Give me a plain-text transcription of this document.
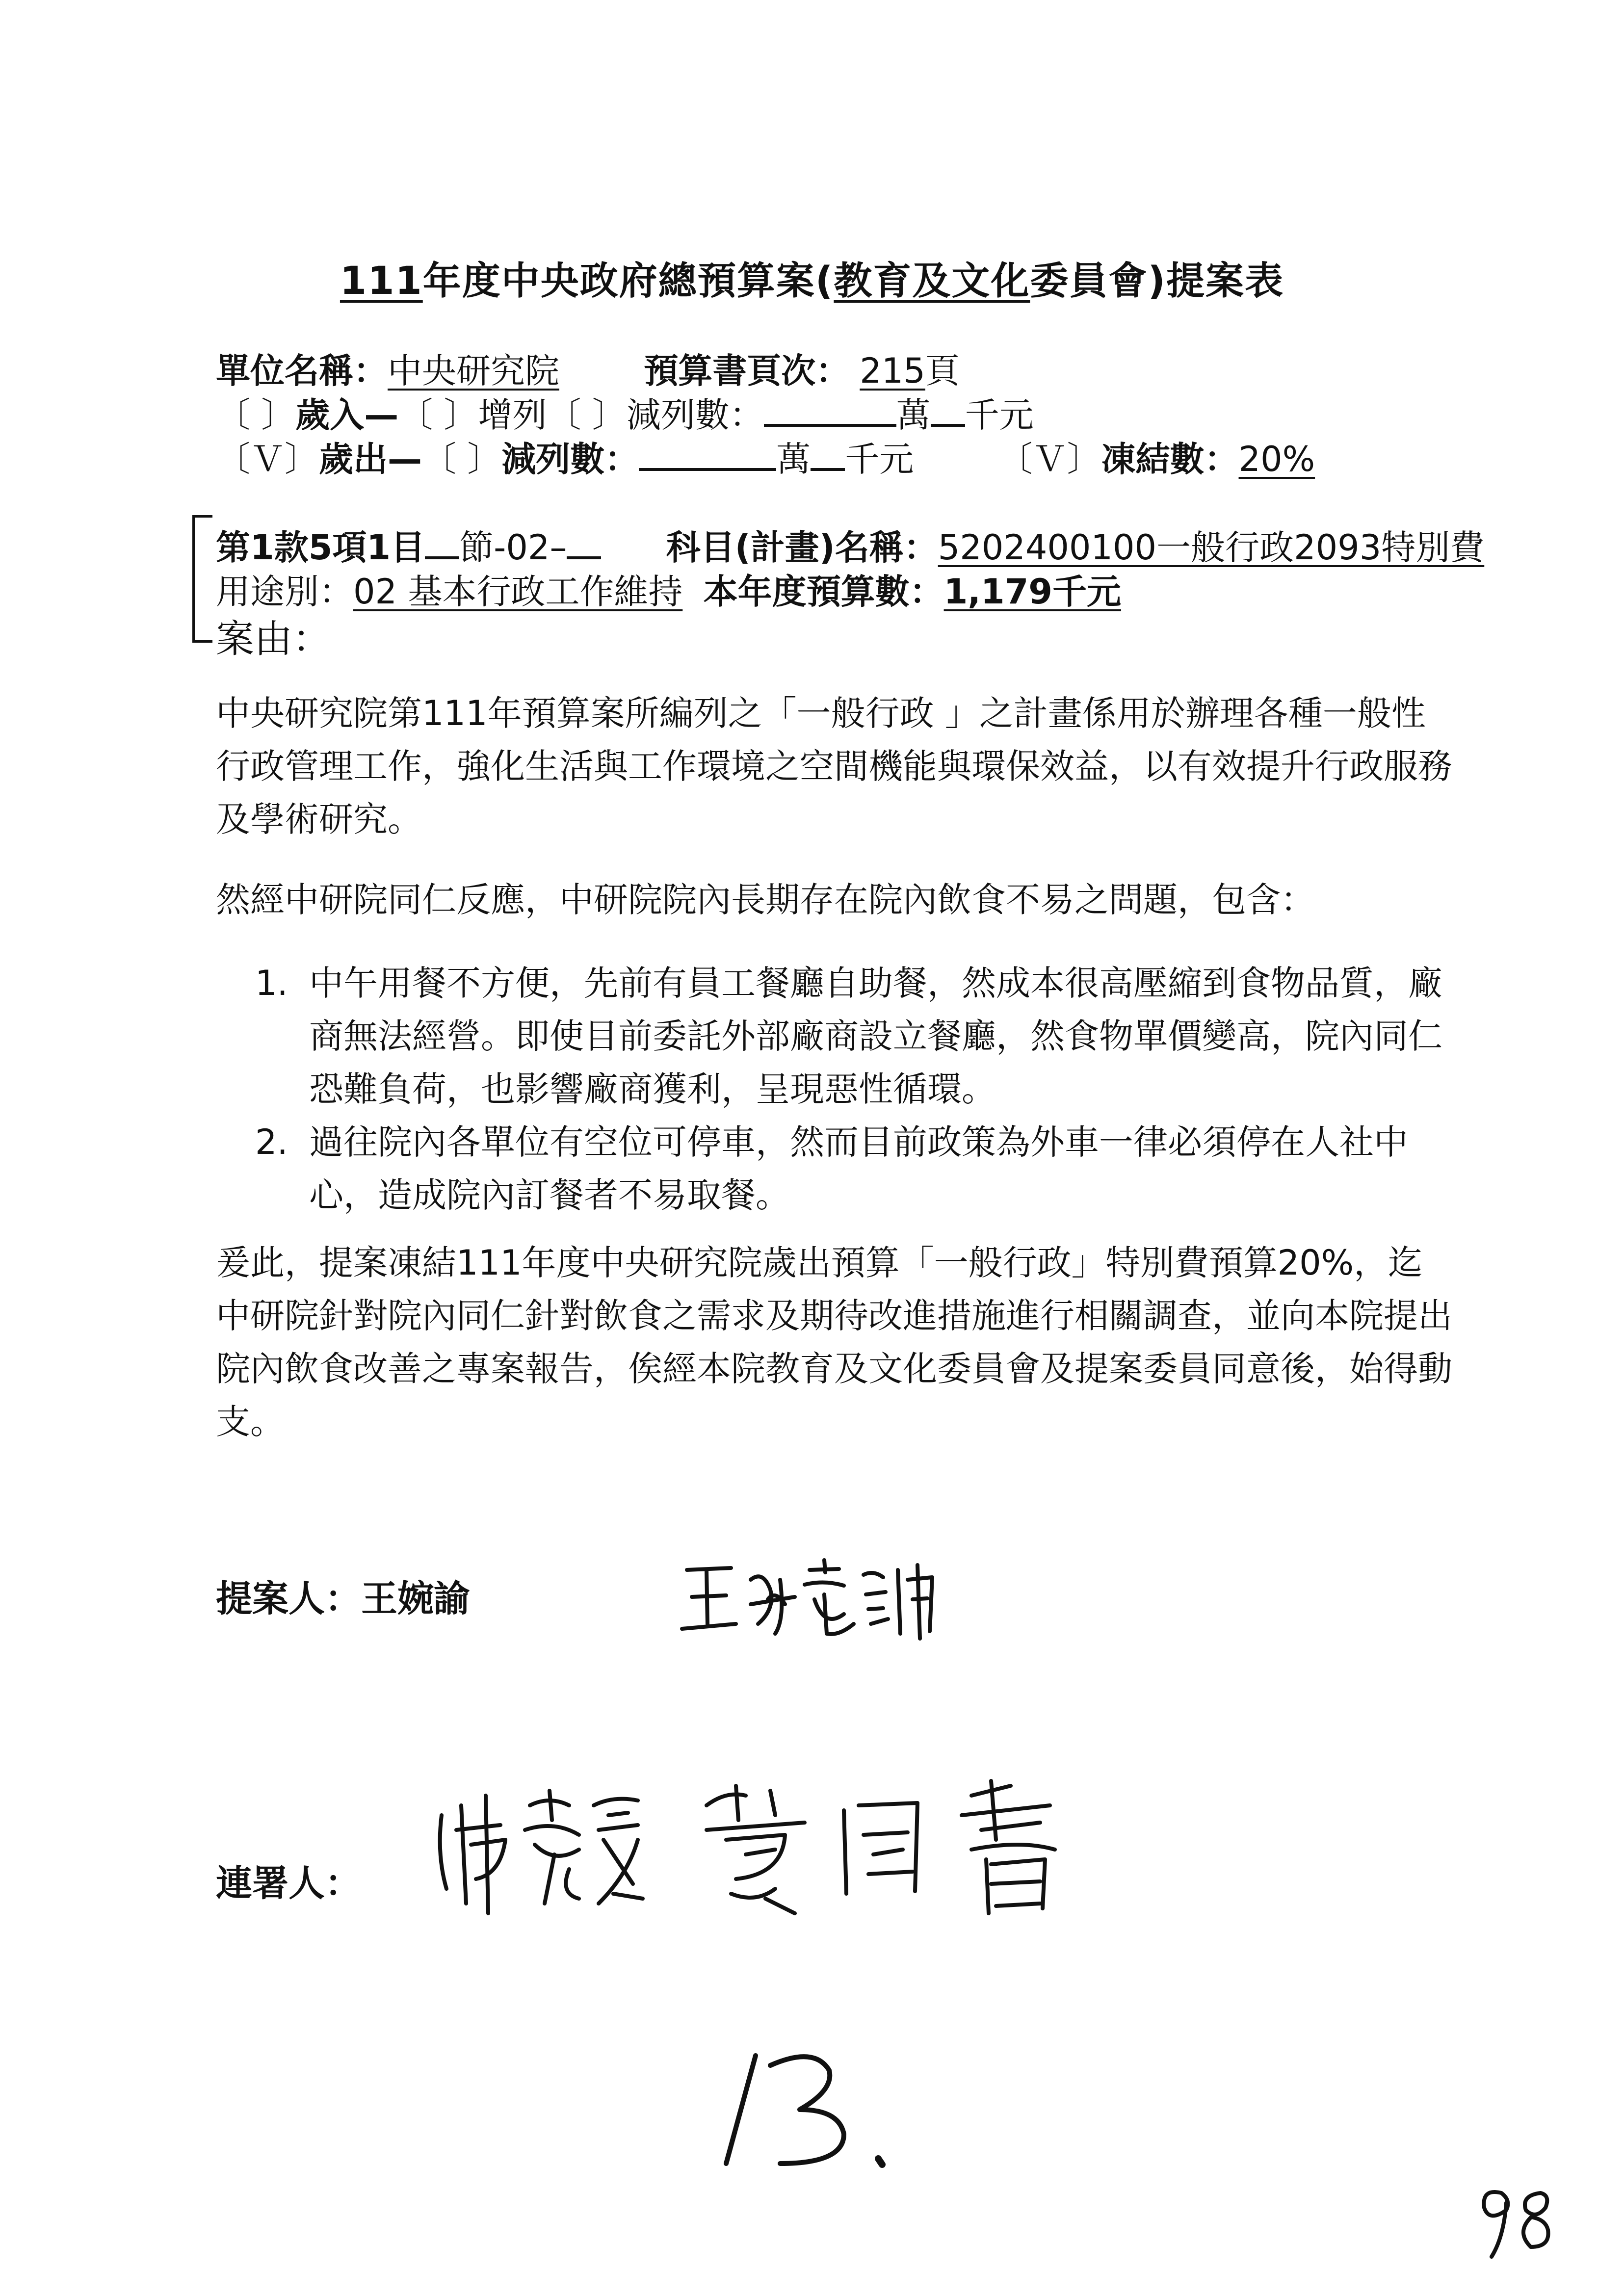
111年度中央政府總預算案(教育及文化委員會)提案表
單位名稱：中央研究院 預算書頁次： 215頁
〔 〕歲入—〔 〕增列〔 〕減列數：	萬 千元
〔Ｖ〕歲出—〔 〕減列數：	萬 千元 〔Ｖ〕凍結數：20%
第1款5項1目 節-02–	科目(計畫)名稱：5202400100一般行政2093特別費
用途別：02 基本行政工作維持 本年度預算數：1,179千元
案由：
中央研究院第111年預算案所編列之「一般行政 」之計畫係用於辦理各種一般性行政管理工作，強化生活與工作環境之空間機能與環保效益，以有效提升行政服務及學術研究。
然經中研院同仁反應，中研院院內長期存在院內飲食不易之問題，包含：
1. 中午用餐不方便，先前有員工餐廳自助餐，然成本很高壓縮到食物品質，廠商無法經營。即使目前委託外部廠商設立餐廳，然食物單價變高，院內同仁恐難負荷，也影響廠商獲利，呈現惡性循環。
2. 過往院內各單位有空位可停車，然而目前政策為外車一律必須停在人社中心，造成院內訂餐者不易取餐。
爰此，提案凍結111年度中央研究院歲出預算「一般行政」特別費預算20%，迄中研院針對院內同仁針對飲食之需求及期待改進措施進行相關調查，並向本院提出院內飲食改善之專案報告，俟經本院教育及文化委員會及提案委員同意後，始得動支。
提案人：王婉諭
連署人：
